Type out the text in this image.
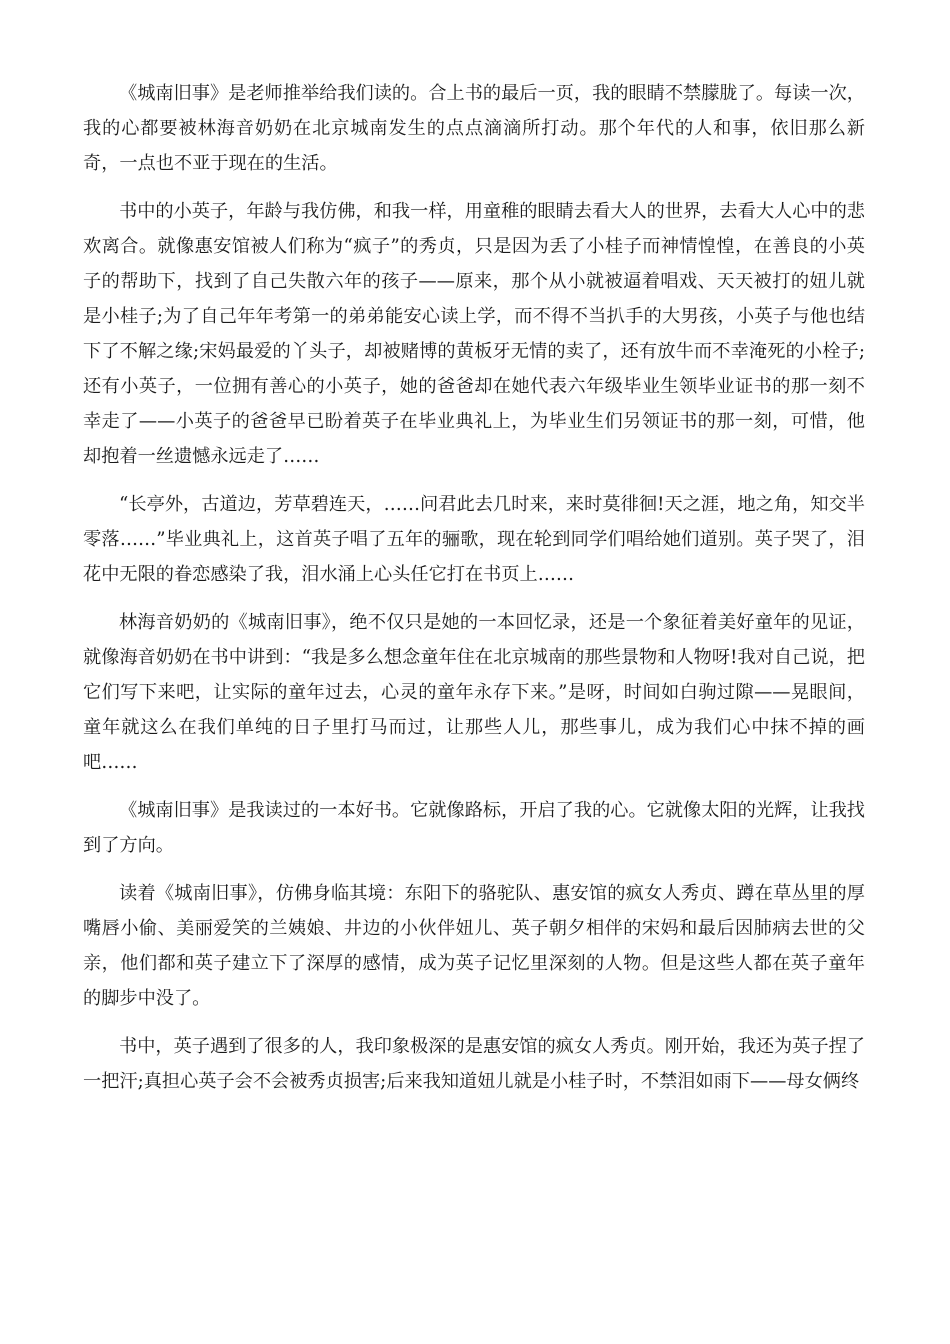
《城南旧事》是老师推举给我们读的。合上书的最后一页，我的眼睛不禁朦胧了。每读一次，我的心都要被林海音奶奶在北京城南发生的点点滴滴所打动。那个年代的人和事，依旧那么新奇，一点也不亚于现在的生活。

书中的小英子，年龄与我仿佛，和我一样，用童稚的眼睛去看大人的世界，去看大人心中的悲欢离合。就像惠安馆被人们称为“疯子”的秀贞，只是因为丢了小桂子而神情惶惶，在善良的小英子的帮助下，找到了自己失散六年的孩子——原来，那个从小就被逼着唱戏、天天被打的妞儿就是小桂子;为了自己年年考第一的弟弟能安心读上学，而不得不当扒手的大男孩，小英子与他也结下了不解之缘;宋妈最爱的丫头子，却被赌博的黄板牙无情的卖了，还有放牛而不幸淹死的小栓子;还有小英子，一位拥有善心的小英子，她的爸爸却在她代表六年级毕业生领毕业证书的那一刻不幸走了——小英子的爸爸早已盼着英子在毕业典礼上，为毕业生们另领证书的那一刻，可惜，他却抱着一丝遗憾永远走了……

“长亭外，古道边，芳草碧连天，……问君此去几时来，来时莫徘徊!天之涯，地之角，知交半零落……”毕业典礼上，这首英子唱了五年的骊歌，现在轮到同学们唱给她们道别。英子哭了，泪花中无限的眷恋感染了我，泪水涌上心头任它打在书页上……

林海音奶奶的《城南旧事》，绝不仅只是她的一本回忆录，还是一个象征着美好童年的见证，就像海音奶奶在书中讲到：“我是多么想念童年住在北京城南的那些景物和人物呀!我对自己说，把它们写下来吧，让实际的童年过去，心灵的童年永存下来。”是呀，时间如白驹过隙——晃眼间，童年就这么在我们单纯的日子里打马而过，让那些人儿，那些事儿，成为我们心中抹不掉的画吧……

《城南旧事》是我读过的一本好书。它就像路标，开启了我的心。它就像太阳的光辉，让我找到了方向。

读着《城南旧事》，仿佛身临其境：东阳下的骆驼队、惠安馆的疯女人秀贞、蹲在草丛里的厚嘴唇小偷、美丽爱笑的兰姨娘、井边的小伙伴妞儿、英子朝夕相伴的宋妈和最后因肺病去世的父亲，他们都和英子建立下了深厚的感情，成为英子记忆里深刻的人物。但是这些人都在英子童年的脚步中没了。

书中，英子遇到了很多的人，我印象极深的是惠安馆的疯女人秀贞。刚开始，我还为英子捏了一把汗;真担心英子会不会被秀贞损害;后来我知道妞儿就是小桂子时，不禁泪如雨下——母女俩终
